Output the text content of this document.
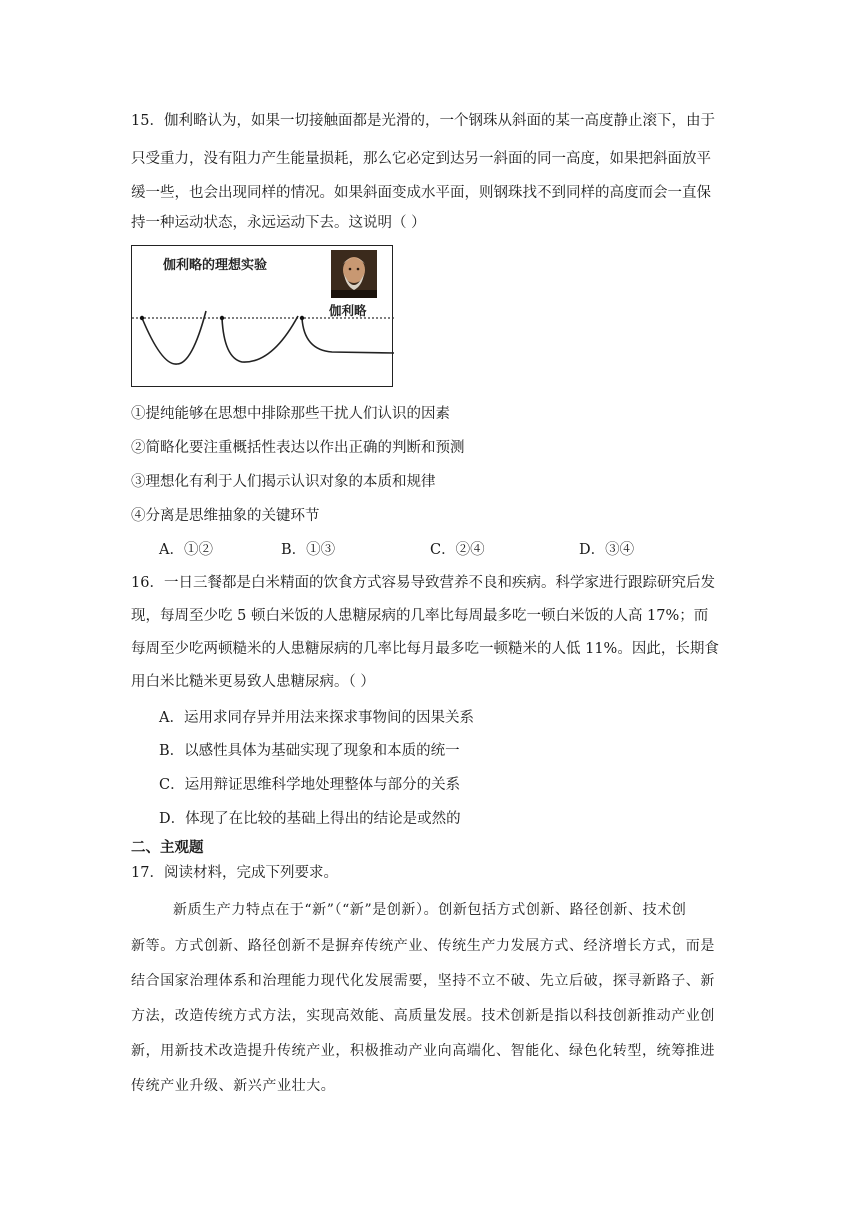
15．伽利略认为，如果一切接触面都是光滑的，一个钢珠从斜面的某一高度静止滚下，由于
只受重力，没有阻力产生能量损耗，那么它必定到达另一斜面的同一高度，如果把斜面放平
缓一些，也会出现同样的情况。如果斜面变成水平面，则钢珠找不到同样的高度而会一直保
持一种运动状态，永远运动下去。这说明（ ）
伽利略的理想实验
伽利略
①提纯能够在思想中排除那些干扰人们认识的因素
②简略化要注重概括性表达以作出正确的判断和预测
③理想化有利于人们揭示认识对象的本质和规律
④分离是思维抽象的关键环节
A．①②	B．①③	C．②④	D．③④
16．一日三餐都是白米精面的饮食方式容易导致营养不良和疾病。科学家进行跟踪研究后发
现，每周至少吃 5 顿白米饭的人患糖尿病的几率比每周最多吃一顿白米饭的人高 17%；而
每周至少吃两顿糙米的人患糖尿病的几率比每月最多吃一顿糙米的人低 11%。因此，长期食
用白米比糙米更易致人患糖尿病。（ ）
A．运用求同存异并用法来探求事物间的因果关系
B．以感性具体为基础实现了现象和本质的统一
C．运用辩证思维科学地处理整体与部分的关系
D．体现了在比较的基础上得出的结论是或然的
二、主观题
17．阅读材料，完成下列要求。
新质生产力特点在于“新”（“新”是创新）。创新包括方式创新、路径创新、技术创
新等。方式创新、路径创新不是摒弃传统产业、传统生产力发展方式、经济增长方式，而是
结合国家治理体系和治理能力现代化发展需要，坚持不立不破、先立后破，探寻新路子、新
方法，改造传统方式方法，实现高效能、高质量发展。技术创新是指以科技创新推动产业创
新，用新技术改造提升传统产业，积极推动产业向高端化、智能化、绿色化转型，统筹推进
传统产业升级、新兴产业壮大。
